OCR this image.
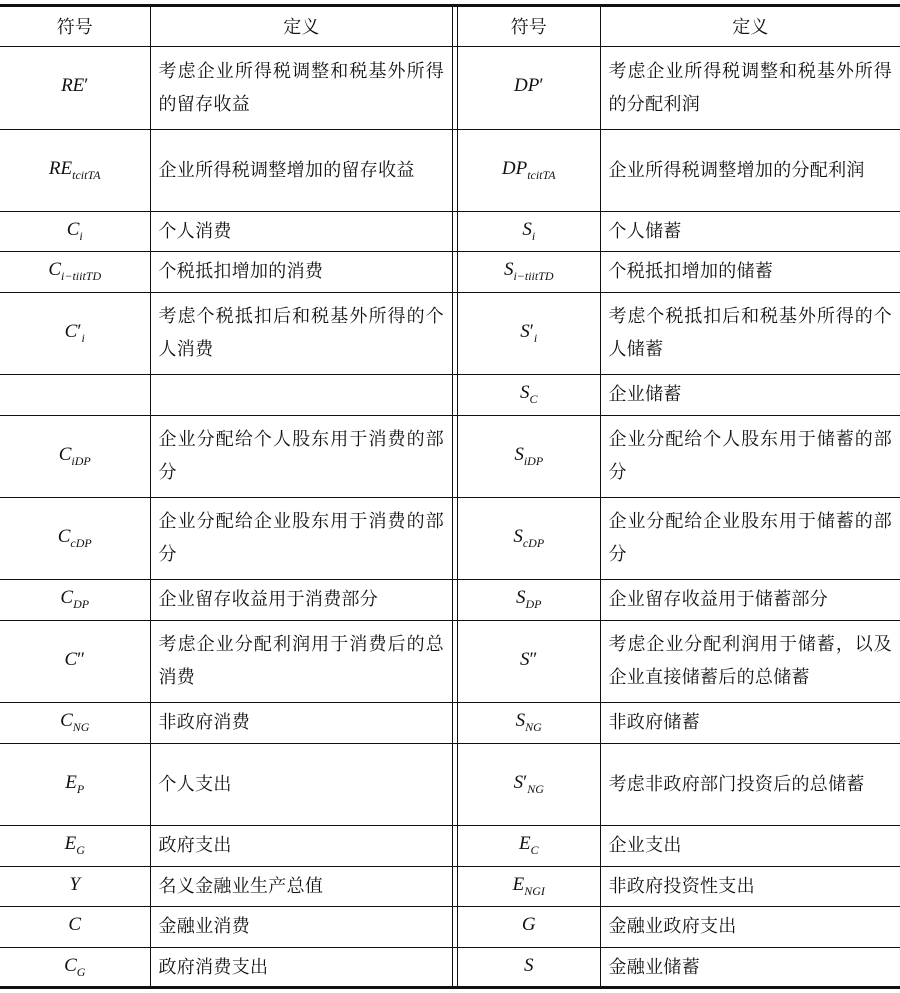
符号	定义		符号	定义
RE′	考虑企业所得税调整和税基外所得的留存收益		DP′	考虑企业所得税调整和税基外所得的分配利润
$RE_{tcitTA}$	企业所得税调整增加的留存收益		$DP_{tcitTA}$	企业所得税调整增加的分配利润
$C_i$	个人消费		$S_i$	个人储蓄
$C_{i-tiitTD}$	个税抵扣增加的消费		$S_{i-tiitTD}$	个税抵扣增加的储蓄
$C'_i$	考虑个税抵扣后和税基外所得的个人消费		$S'_i$	考虑个税抵扣后和税基外所得的个人储蓄
			$S_C$	企业储蓄
$C_{iDP}$	企业分配给个人股东用于消费的部分		$S_{iDP}$	企业分配给个人股东用于储蓄的部分
$C_{cDP}$	企业分配给企业股东用于消费的部分		$S_{cDP}$	企业分配给企业股东用于储蓄的部分
$C_{DP}$	企业留存收益用于消费部分		$S_{DP}$	企业留存收益用于储蓄部分
C″	考虑企业分配利润用于消费后的总消费		S″	考虑企业分配利润用于储蓄，以及企业直接储蓄后的总储蓄
$C_{NG}$	非政府消费		$S_{NG}$	非政府储蓄
$E_P$	个人支出		$S'_{NG}$	考虑非政府部门投资后的总储蓄
$E_G$	政府支出		$E_C$	企业支出
Y	名义金融业生产总值		$E_{NGI}$	非政府投资性支出
C	金融业消费		G	金融业政府支出
$C_G$	政府消费支出		S	金融业储蓄
